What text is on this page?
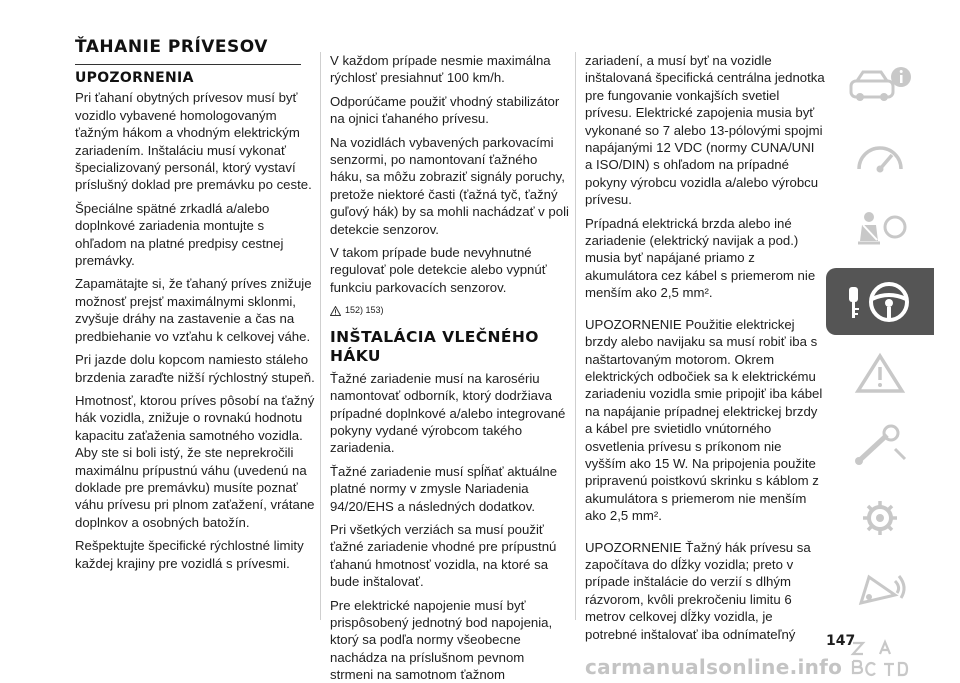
ŤAHANIE PRÍVESOV

UPOZORNENIA

Pri ťahaní obytných prívesov musí byť vozidlo vybavené homologovaným ťažným hákom a vhodným elektrickým zariadením. Inštaláciu musí vykonať špecializovaný personál, ktorý vystaví príslušný doklad pre premávku po ceste.

Špeciálne spätné zrkadlá a/alebo doplnkové zariadenia montujte s ohľadom na platné predpisy cestnej premávky.

Zapamätajte si, že ťahaný príves znižuje možnosť prejsť maximálnymi sklonmi, zvyšuje dráhy na zastavenie a čas na predbiehanie vo vzťahu k celkovej váhe.

Pri jazde dolu kopcom namiesto stáleho brzdenia zaraďte nižší rýchlostný stupeň.

Hmotnosť, ktorou príves pôsobí na ťažný hák vozidla, znižuje o rovnakú hodnotu kapacitu zaťaženia samotného vozidla. Aby ste si boli istý, že ste neprekročili maximálnu prípustnú váhu (uvedenú na doklade pre premávku) musíte poznať váhu prívesu pri plnom zaťažení, vrátane doplnkov a osobných batožín.

Rešpektujte špecifické rýchlostné limity každej krajiny pre vozidlá s prívesmi.

V každom prípade nesmie maximálna rýchlosť presiahnuť 100 km/h.

Odporúčame použiť vhodný stabilizátor na ojnici ťahaného prívesu.

Na vozidlách vybavených parkovacími senzormi, po namontovaní ťažného háku, sa môžu zobraziť signály poruchy, pretože niektoré časti (ťažná tyč, ťažný guľový hák) by sa mohli nachádzať v poli detekcie senzorov.

V takom prípade bude nevyhnutné regulovať pole detekcie alebo vypnúť funkciu parkovacích senzorov.

152) 153)

INŠTALÁCIA VLEČNÉHO HÁKU

Ťažné zariadenie musí na karosériu namontovať odborník, ktorý dodržiava prípadné doplnkové a/alebo integrované pokyny vydané výrobcom takého zariadenia.

Ťažné zariadenie musí spĺňať aktuálne platné normy v zmysle Nariadenia 94/20/EHS a následných dodatkov.

Pri všetkých verziách sa musí použiť ťažné zariadenie vhodné pre prípustnú ťahanú hmotnosť vozidla, na ktoré sa bude inštalovať.

Pre elektrické napojenie musí byť prispôsobený jednotný bod napojenia, ktorý sa podľa normy všeobecne nachádza na príslušnom pevnom strmeni na samotnom ťažnom

zariadení, a musí byť na vozidle inštalovaná špecifická centrálna jednotka pre fungovanie vonkajších svetiel prívesu. Elektrické zapojenia musia byť vykonané so 7 alebo 13-pólovými spojmi napájanými 12 VDC (normy CUNA/UNI a ISO/DIN) s ohľadom na prípadné pokyny výrobcu vozidla a/alebo výrobcu prívesu.

Prípadná elektrická brzda alebo iné zariadenie (elektrický navijak a pod.) musia byť napájané priamo z akumulátora cez kábel s priemerom nie menším ako 2,5 mm².

UPOZORNENIE Použitie elektrickej brzdy alebo navijaku sa musí robiť iba s naštartovaným motorom. Okrem elektrických odbočiek sa k elektrickému zariadeniu vozidla smie pripojiť iba kábel na napájanie prípadnej elektrickej brzdy a kábel pre svietidlo vnútorného osvetlenia prívesu s príkonom nie vyšším ako 15 W. Na pripojenia použite pripravenú poistkovú skrinku s káblom z akumulátora s priemerom nie menším ako 2,5 mm².

UPOZORNENIE Ťažný hák prívesu sa započítava do dĺžky vozidla; preto v prípade inštalácie do verzií s dlhým rázvorom, kvôli prekročeniu limitu 6 metrov celkovej dĺžky vozidla, je potrebné inštalovať iba odnímateľný	147
carmanualsonline.info
